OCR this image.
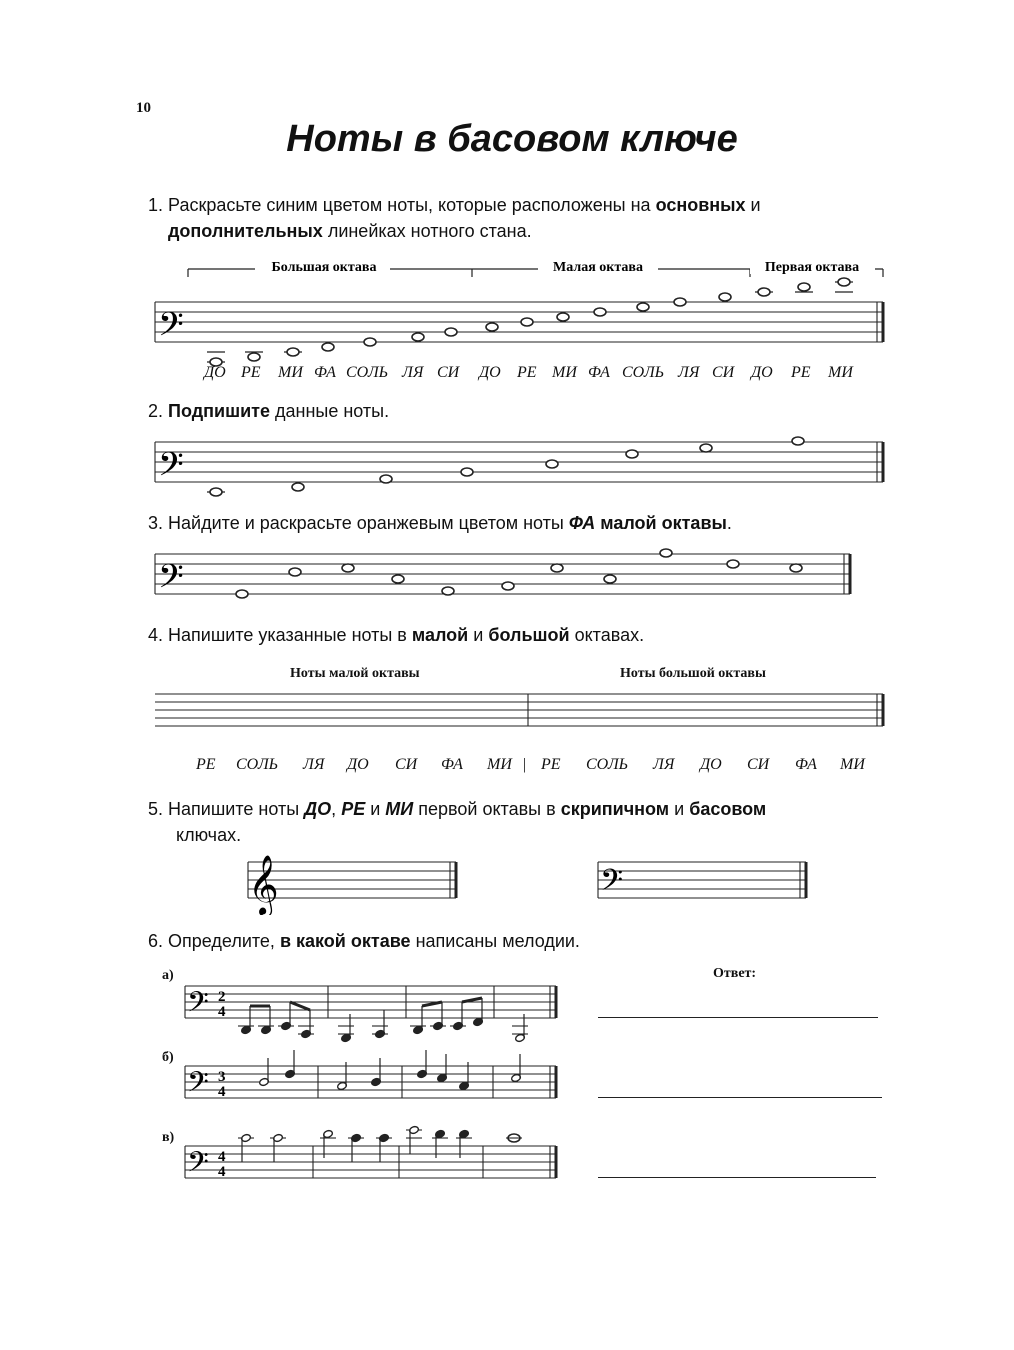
10
Ноты в басовом ключе
1. Раскрасьте синим цветом ноты, которые расположены на основных и
дополнительных линейках нотного стана.
Большая октава	Малая октава	Первая октава
𝄢
ДО РЕ МИ ФА СОЛЬ ЛЯ СИ ДО РЕ МИ ФА СОЛЬ ЛЯ СИ ДО РЕ МИ
2. Подпишите данные ноты.
𝄢
3. Найдите и раскрасьте оранжевым цветом ноты ФА малой октавы.
𝄢
4. Напишите указанные ноты в малой и большой октавах.
Ноты малой октавы	Ноты большой октавы
РЕ СОЛЬ ЛЯ ДО СИ ФА МИ | РЕ СОЛЬ ЛЯ ДО СИ ФА МИ
5. Напишите ноты ДО, РЕ и МИ первой октавы в скрипичном и басовом
ключах.
𝄞	𝄢
6. Определите, в какой октаве написаны мелодии.
Ответ:
а)
б)
в)
𝄢 2
4
𝄢 3
4
𝄢 4
4
